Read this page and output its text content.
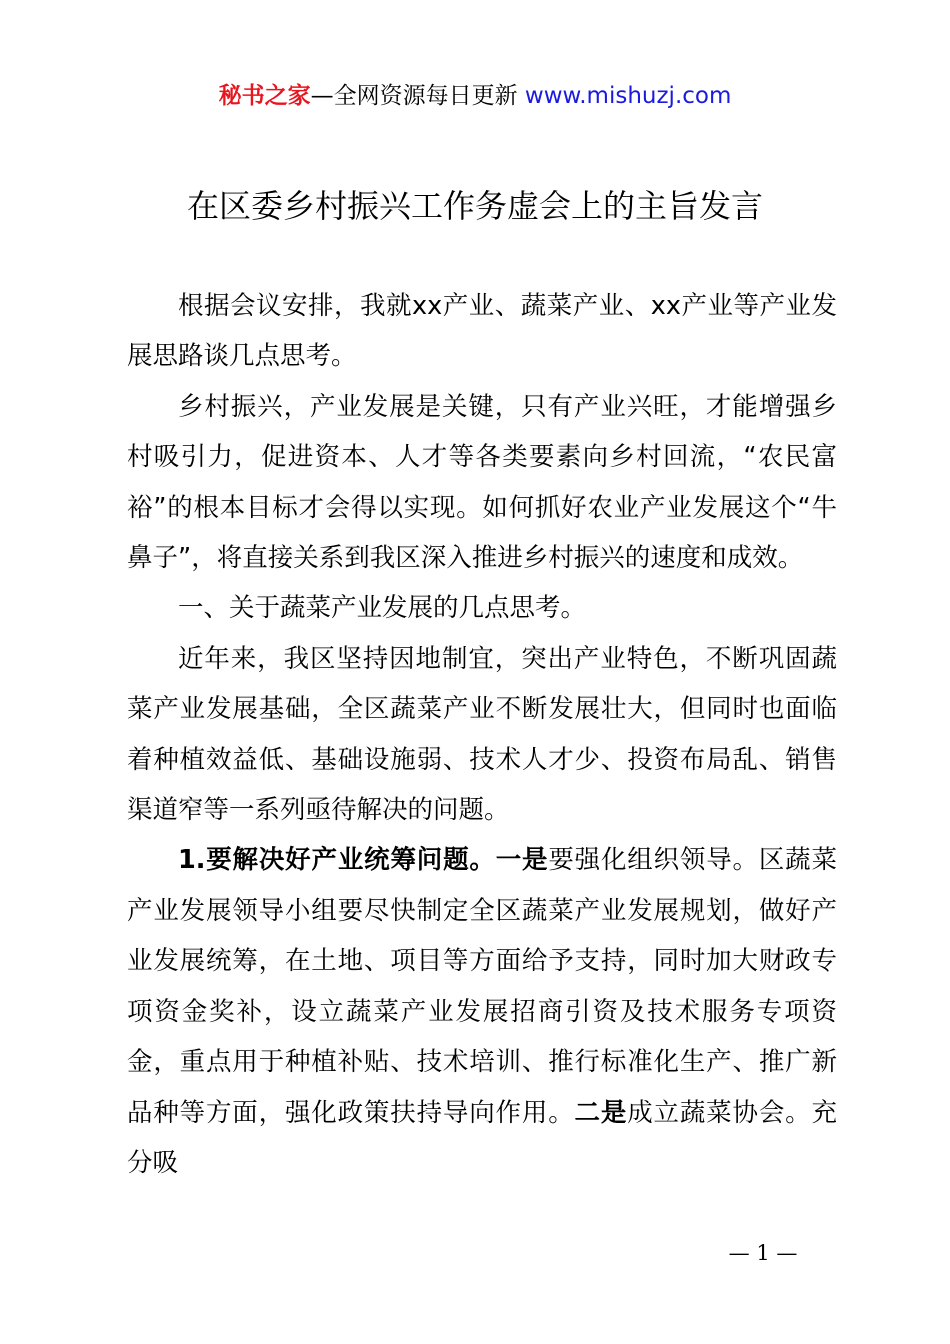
秘书之家—全网资源每日更新 www.mishuzj.com
在区委乡村振兴工作务虚会上的主旨发言

根据会议安排，我就xx产业、蔬菜产业、xx产业等产业发展思路谈几点思考。

乡村振兴，产业发展是关键，只有产业兴旺，才能增强乡村吸引力，促进资本、人才等各类要素向乡村回流，“农民富裕”的根本目标才会得以实现。如何抓好农业产业发展这个“牛鼻子”，将直接关系到我区深入推进乡村振兴的速度和成效。

一、关于蔬菜产业发展的几点思考。

近年来，我区坚持因地制宜，突出产业特色，不断巩固蔬菜产业发展基础，全区蔬菜产业不断发展壮大，但同时也面临着种植效益低、基础设施弱、技术人才少、投资布局乱、销售渠道窄等一系列亟待解决的问题。

1.要解决好产业统筹问题。一是要强化组织领导。区蔬菜产业发展领导小组要尽快制定全区蔬菜产业发展规划，做好产业发展统筹，在土地、项目等方面给予支持，同时加大财政专项资金奖补，设立蔬菜产业发展招商引资及技术服务专项资金，重点用于种植补贴、技术培训、推行标准化生产、推广新品种等方面，强化政策扶持导向作用。二是成立蔬菜协会。充分吸

— 1 —
